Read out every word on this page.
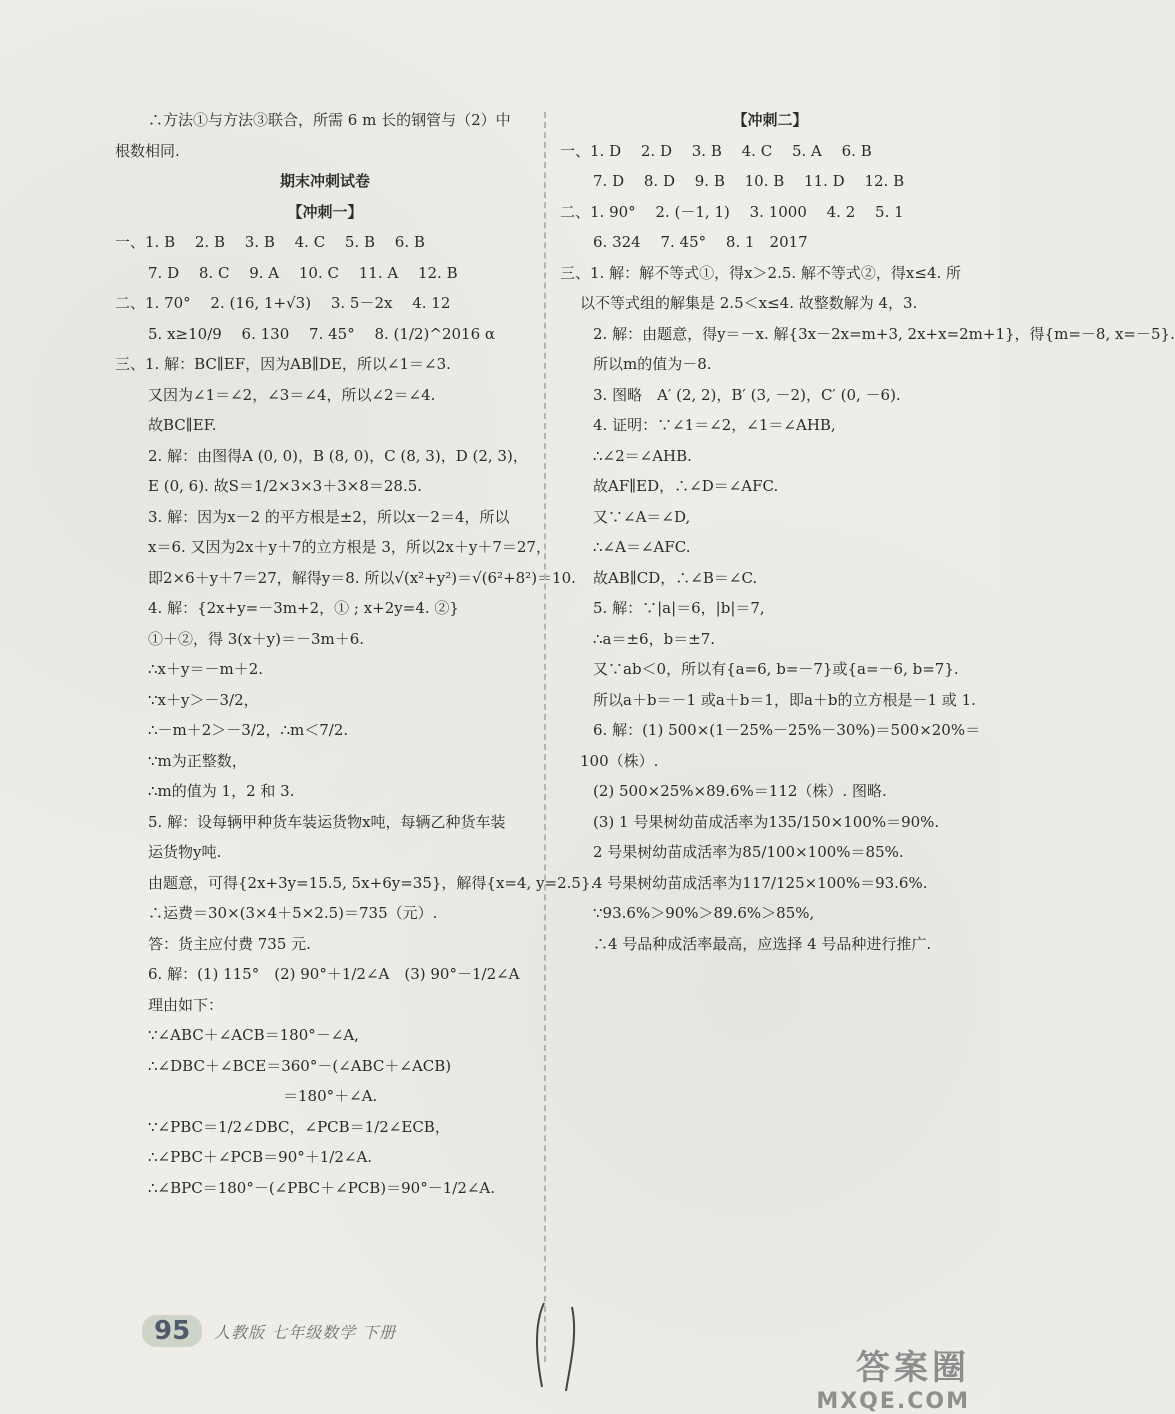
∴方法①与方法③联合，所需 6 m 长的钢管与（2）中
根数相同.
期末冲刺试卷
【冲刺一】
一、1. B　 2. B　 3. B　 4. C　 5. B　 6. B
7. D　 8. C　 9. A　 10. C　 11. A　 12. B
二、1. 70°　 2. (16, 1+√3)　 3. 5－2x　 4. 12
5. x≥10/9　 6. 130　 7. 45°　 8. (1/2)^2016 α
三、1. 解：BC∥EF，因为AB∥DE，所以∠1＝∠3.
又因为∠1＝∠2，∠3＝∠4，所以∠2＝∠4.
故BC∥EF.
2. 解：由图得A (0, 0)，B (8, 0)，C (8, 3)，D (2, 3)，
E (0, 6). 故S＝1/2×3×3＋3×8＝28.5.
3. 解：因为x－2 的平方根是±2，所以x－2＝4，所以
x＝6. 又因为2x＋y＋7的立方根是 3，所以2x＋y＋7＝27，
即2×6＋y＋7＝27，解得y＝8. 所以√(x²+y²)＝√(6²+8²)＝10.
4. 解：{2x+y=－3m+2，① ; x+2y=4. ②}
①＋②，得 3(x＋y)＝－3m＋6.
∴x＋y＝－m＋2.
∵x＋y＞－3/2，
∴－m＋2＞－3/2，∴m＜7/2.
∵m为正整数，
∴m的值为 1，2 和 3.
5. 解：设每辆甲种货车装运货物x吨，每辆乙种货车装
运货物y吨.
由题意，可得{2x+3y=15.5, 5x+6y=35}，解得{x=4, y=2.5}.
∴运费＝30×(3×4＋5×2.5)＝735（元）.
答：货主应付费 735 元.
6. 解：(1) 115°　(2) 90°＋1/2∠A　(3) 90°－1/2∠A
理由如下：
∵∠ABC＋∠ACB＝180°－∠A,
∴∠DBC＋∠BCE＝360°－(∠ABC＋∠ACB)
＝180°＋∠A.
∵∠PBC＝1/2∠DBC，∠PCB＝1/2∠ECB，
∴∠PBC＋∠PCB＝90°＋1/2∠A.
∴∠BPC＝180°－(∠PBC＋∠PCB)＝90°－1/2∠A.
【冲刺二】
一、1. D　 2. D　 3. B　 4. C　 5. A　 6. B
7. D　 8. D　 9. B　 10. B　 11. D　 12. B
二、1. 90°　 2. (－1, 1)　 3. 1000　 4. 2　 5. 1
6. 324　 7. 45°　 8. 1　2017
三、1. 解：解不等式①，得x＞2.5. 解不等式②，得x≤4. 所
以不等式组的解集是 2.5＜x≤4. 故整数解为 4，3.
2. 解：由题意，得y＝－x. 解{3x－2x=m+3, 2x+x=2m+1}，得{m=－8, x=－5}.
所以m的值为－8.
3. 图略　A′ (2, 2)，B′ (3, －2)，C′ (0, －6).
4. 证明：∵∠1＝∠2，∠1＝∠AHB,
∴∠2＝∠AHB.
故AF∥ED，∴∠D＝∠AFC.
又∵∠A＝∠D,
∴∠A＝∠AFC.
故AB∥CD，∴∠B＝∠C.
5. 解：∵|a|＝6，|b|＝7,
∴a＝±6，b＝±7.
又∵ab＜0，所以有{a=6, b=－7}或{a=－6, b=7}.
所以a＋b＝－1 或a＋b＝1，即a＋b的立方根是－1 或 1.
6. 解：(1) 500×(1－25%－25%－30%)＝500×20%＝
100（株）.
(2) 500×25%×89.6%＝112（株）. 图略.
(3) 1 号果树幼苗成活率为135/150×100%＝90%.
2 号果树幼苗成活率为85/100×100%＝85%.
4 号果树幼苗成活率为117/125×100%＝93.6%.
∵93.6%＞90%＞89.6%＞85%,
∴4 号品种成活率最高，应选择 4 号品种进行推广.
95	人教版 七年级数学 下册
答案圈
MXQE.COM
